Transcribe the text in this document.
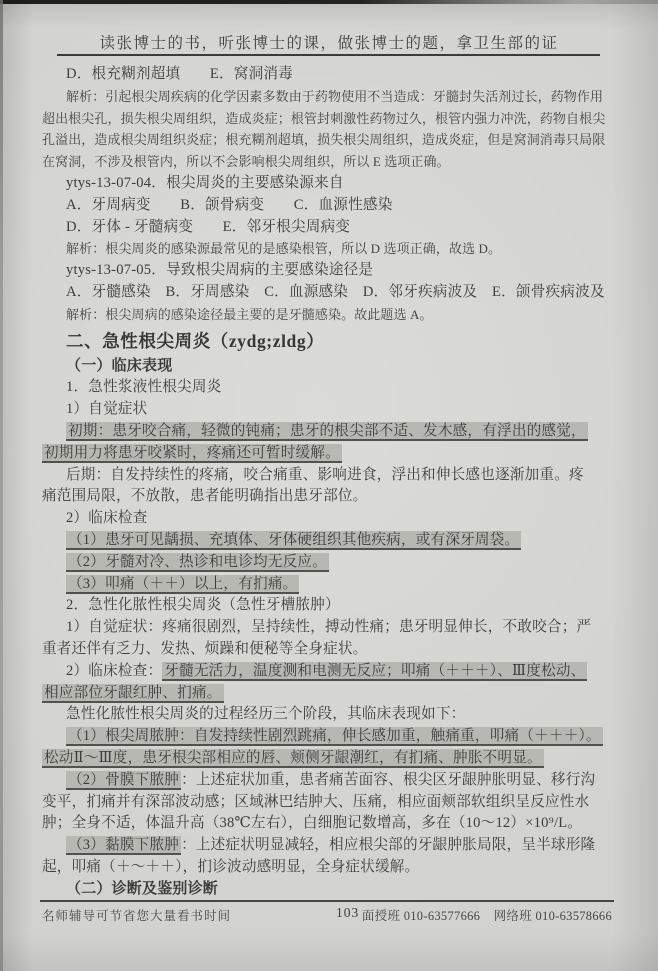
读张博士的书，听张博士的课，做张博士的题，拿卫生部的证
D．根充糊剂超填　　E．窝洞消毒
解析：引起根尖周疾病的化学因素多数由于药物使用不当造成：牙髓封失活剂过长，药物作用
超出根尖孔，损失根尖周组织，造成炎症；根管封刺激性药物过久，根管内强力冲洗，药物自根尖
孔溢出，造成根尖周组织炎症；根充糊剂超填，损失根尖周组织，造成炎症，但是窝洞消毒只局限
在窝洞，不涉及根管内，所以不会影响根尖周组织，所以 E 选项正确。
ytys-13-07-04．根尖周炎的主要感染源来自
A．牙周病变　　B．颌骨病变　　C．血源性感染
D．牙体 - 牙髓病变　　E．邻牙根尖周病变
解析：根尖周炎的感染源最常见的是感染根管，所以 D 选项正确，故选 D。
ytys-13-07-05．导致根尖周病的主要感染途径是
A．牙髓感染　B．牙周感染　C．血源感染　D．邻牙疾病波及　E．颌骨疾病波及
解析：根尖周病的感染途径最主要的是牙髓感染。故此题选 A。
二、急性根尖周炎（zydg;zldg）
（一）临床表现
1．急性浆液性根尖周炎
1）自觉症状
初期：患牙咬合痛，轻微的钝痛；患牙的根尖部不适、发木感，有浮出的感觉，
初期用力将患牙咬紧时，疼痛还可暂时缓解。
后期：自发持续性的疼痛，咬合痛重、影响进食，浮出和伸长感也逐渐加重。疼
痛范围局限，不放散，患者能明确指出患牙部位。
2）临床检查
（1）患牙可见龋损、充填体、牙体硬组织其他疾病，或有深牙周袋。
（2）牙髓对冷、热诊和电诊均无反应。
（3）叩痛（＋＋）以上，有扪痛。
2．急性化脓性根尖周炎（急性牙槽脓肿）
1）自觉症状：疼痛很剧烈，呈持续性，搏动性痛；患牙明显伸长，不敢咬合；严
重者还伴有乏力、发热、烦躁和便秘等全身症状。
2）临床检查： 牙髓无活力，温度测和电测无反应；叩痛（＋＋＋）、Ⅲ度松动、
相应部位牙龈红肿、扪痛。
急性化脓性根尖周炎的过程经历三个阶段，其临床表现如下：
（1）根尖周脓肿：自发持续性剧烈跳痛，伸长感加重，触痛重，叩痛（＋＋＋）。
松动Ⅱ～Ⅲ度，患牙根尖部相应的唇、颊侧牙龈潮红，有扪痛、肿胀不明显。
（2）骨膜下脓肿 ：上述症状加重，患者痛苦面容、根尖区牙龈肿胀明显、移行沟
变平，扪痛并有深部波动感；区域淋巴结肿大、压痛，相应面颊部软组织呈反应性水
肿；全身不适，体温升高（38℃左右），白细胞记数增高，多在（10～12）×10⁹/L。
（3）黏膜下脓肿 ：上述症状明显减轻，相应根尖部的牙龈肿胀局限，呈半球形隆
起，叩痛（＋～＋＋），扪诊波动感明显，全身症状缓解。
（二）诊断及鉴别诊断
名师辅导可节省您大量看书时间	103 面授班 010-63577666 网络班 010-63578666
